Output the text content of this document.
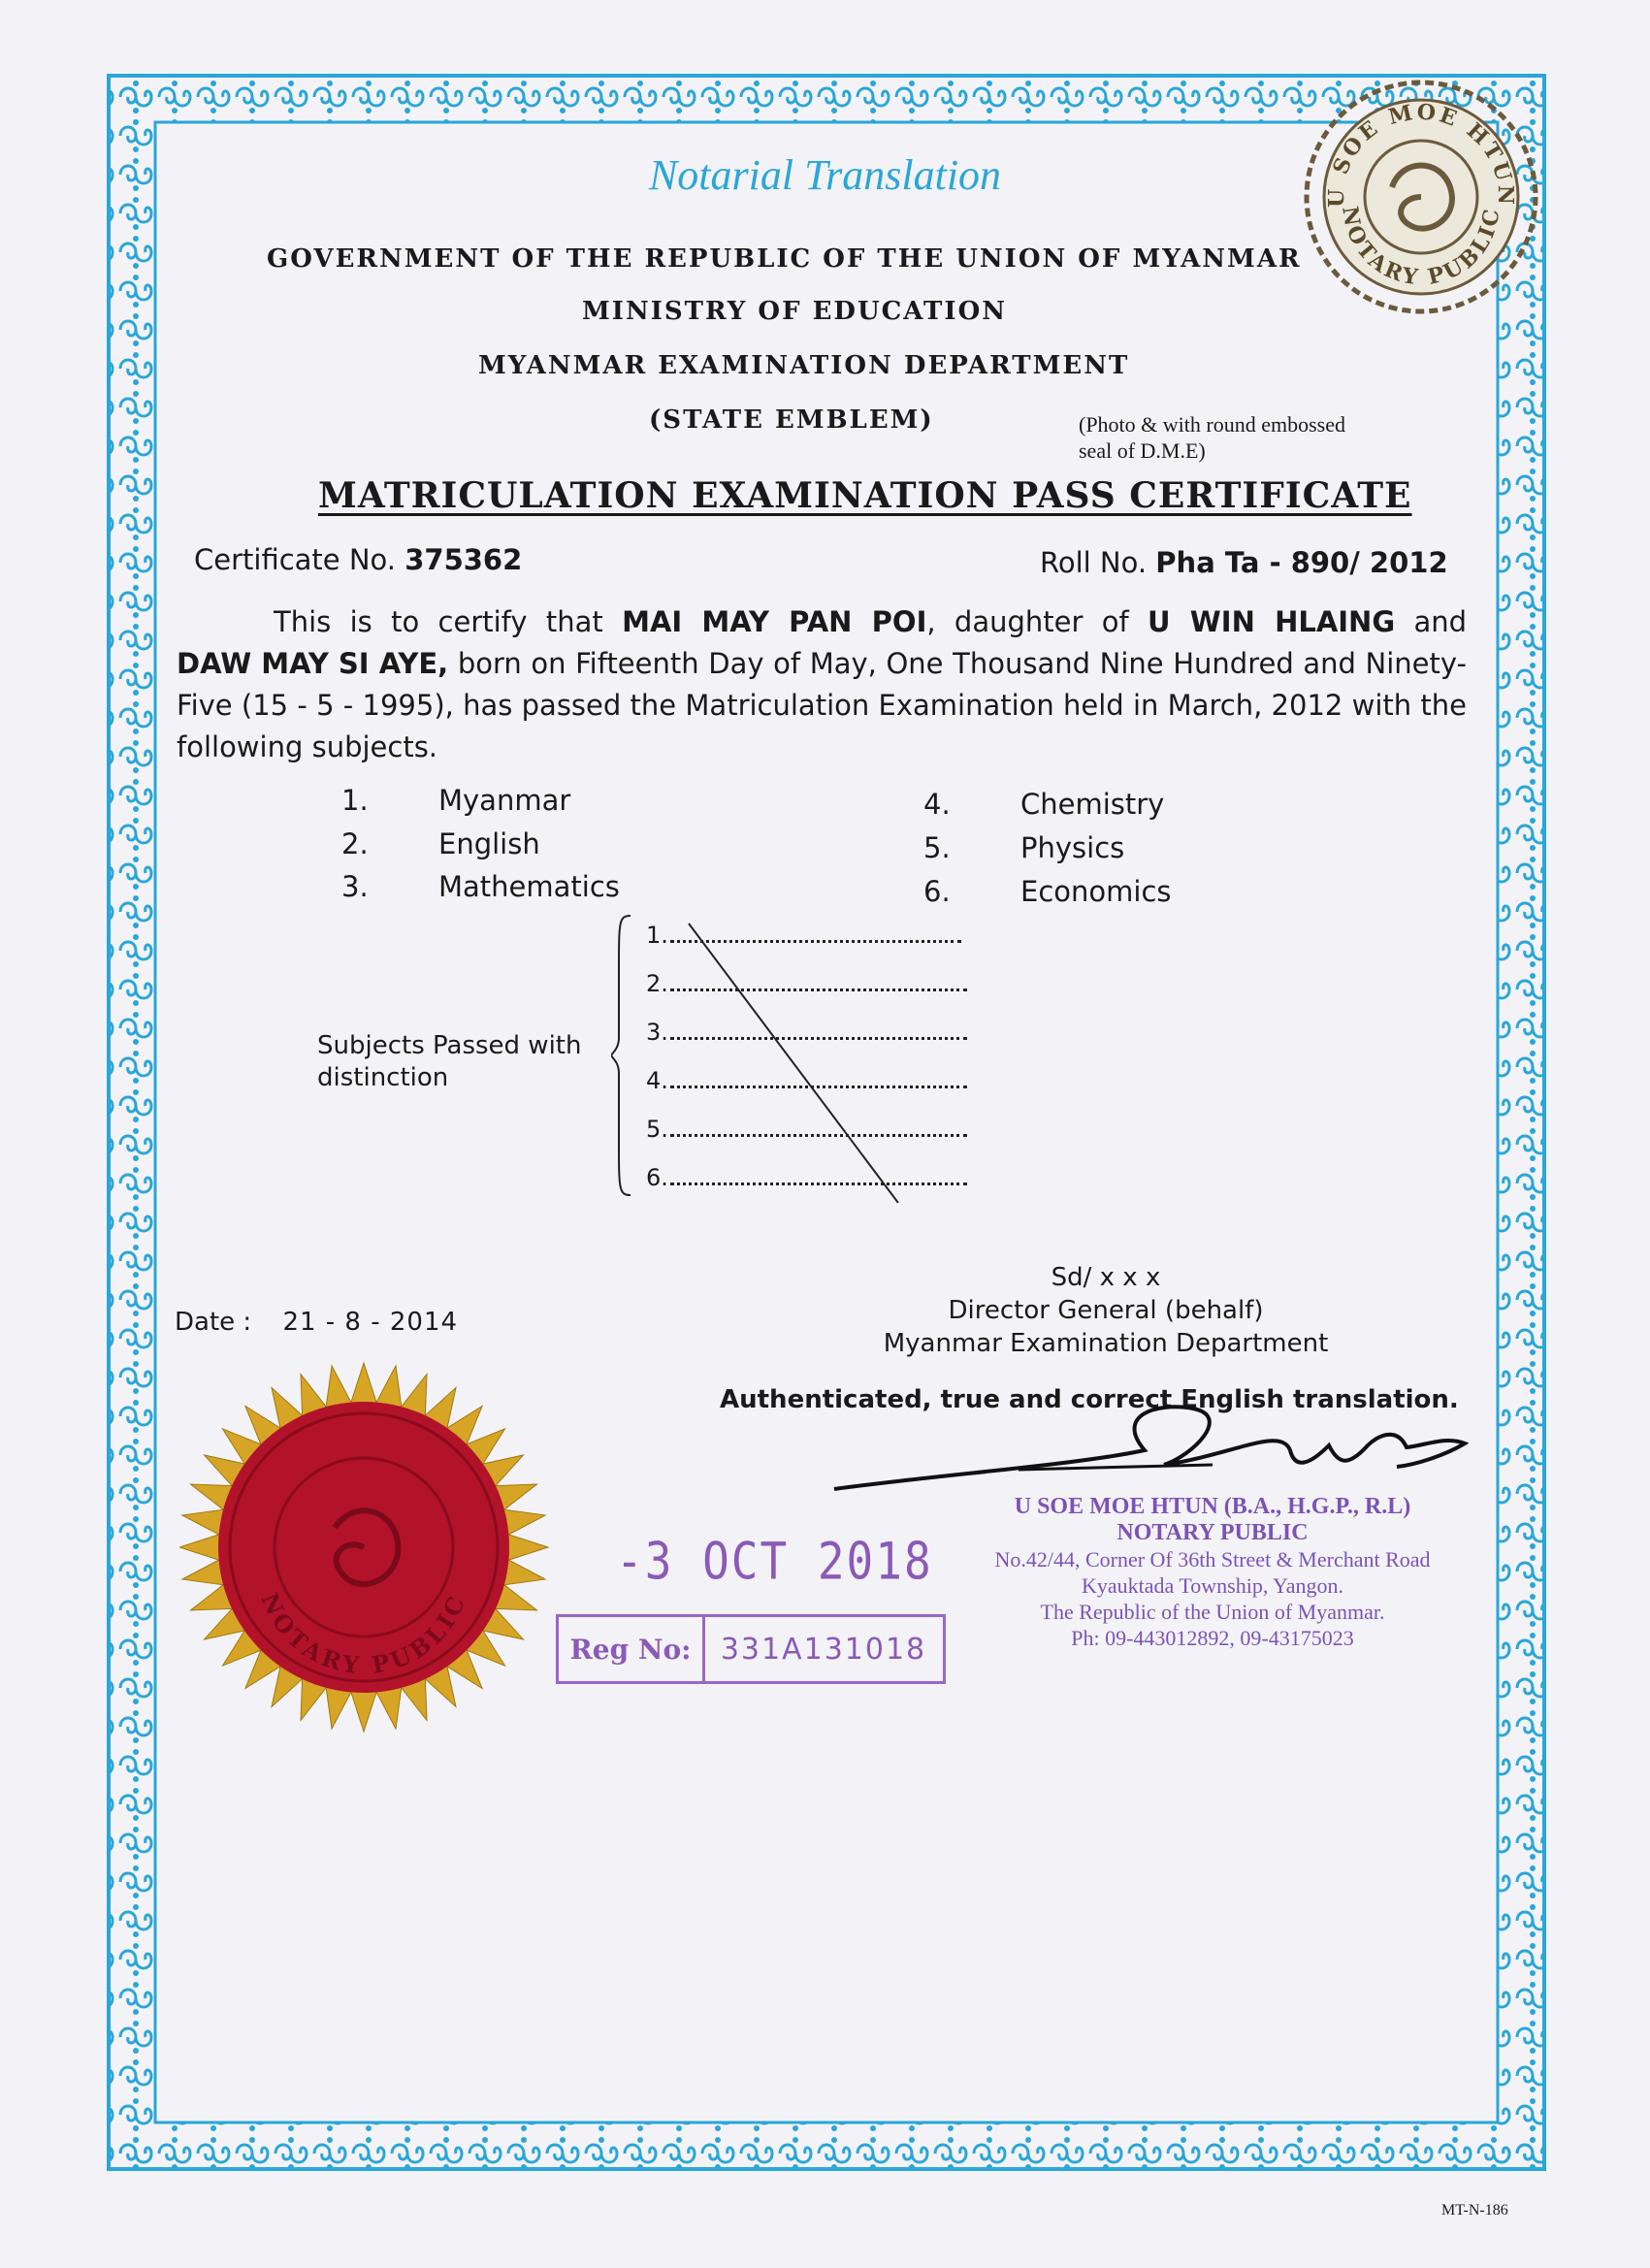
Notarial Translation
GOVERNMENT OF THE REPUBLIC OF THE UNION OF MYANMAR
MINISTRY OF EDUCATION
MYANMAR EXAMINATION DEPARTMENT
(STATE EMBLEM)	(Photo & with round embossed
seal of D.M.E)
U SOE MOE HTUN
NOTARY PUBLIC
MATRICULATION EXAMINATION PASS CERTIFICATE
Certificate No. 375362	Roll No. Pha Ta - 890/ 2012

This is to certify that MAI MAY PAN POI, daughter of U WIN HLAING and DAW MAY SI AYE, born on Fifteenth Day of May, One Thousand Nine Hundred and Ninety-Five (15 - 5 - 1995), has passed the Matriculation Examination held in March, 2012 with the following subjects.

1. Myanmar
2. English
3. Mathematics
4. Chemistry
5. Physics
6. Economics
Subjects Passed with
distinction
1.
2.
3.
4.
5.
6.
Date : 21 - 8 - 2014
Sd/ x x x
Director General (behalf)
Myanmar Examination Department
Authenticated, true and correct English translation.
NOTARY PUBLIC
-3 OCT 2018
Reg No:	331A131018
U SOE MOE HTUN (B.A., H.G.P., R.L)
NOTARY PUBLIC
No.42/44, Corner Of 36th Street & Merchant Road
Kyauktada Township, Yangon.
The Republic of the Union of Myanmar.
Ph: 09-443012892, 09-43175023
MT-N-186
